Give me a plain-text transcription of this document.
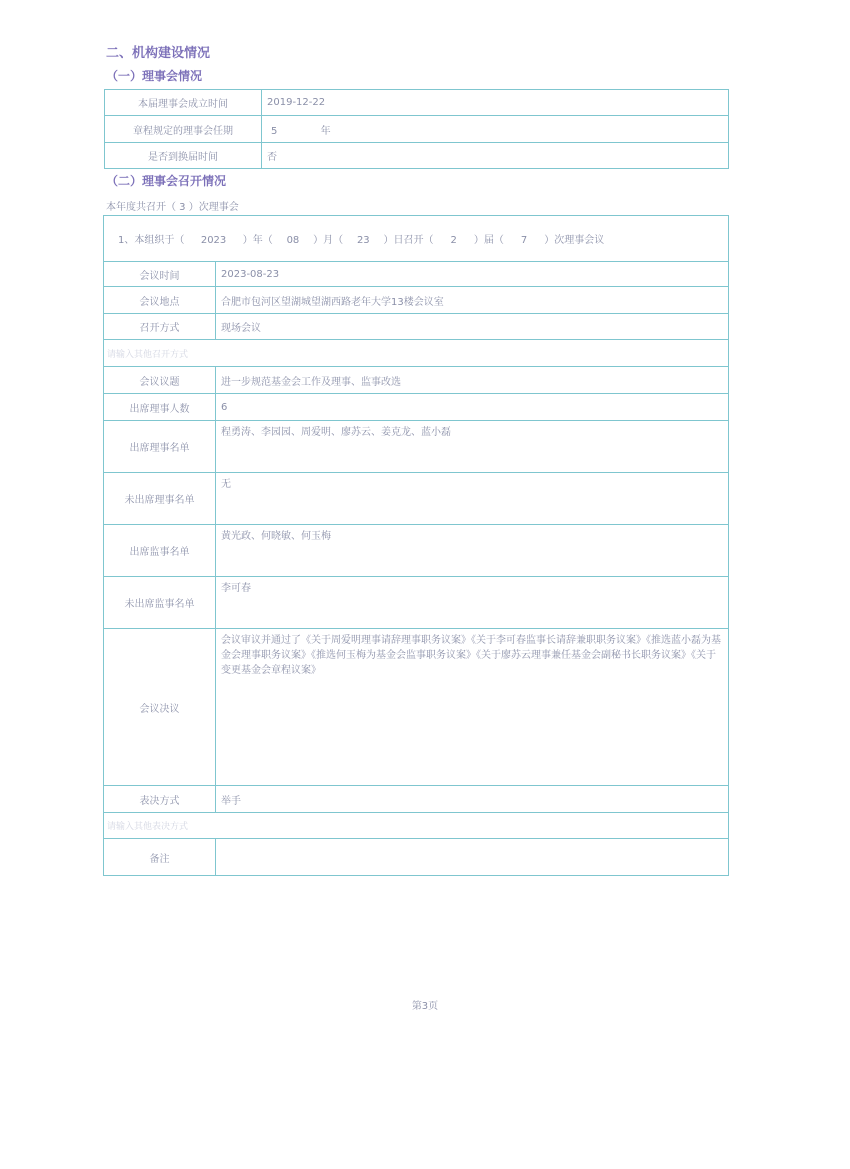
二、机构建设情况
（一）理事会情况
本届理事会成立时间	2019-12-22
章程规定的理事会任期	5 年
是否到换届时间	否
（二）理事会召开情况
本年度共召开（ 3 ）次理事会
1、本组织于（ 2023 ）年（ 08 ）月（ 23 ）日召开（ 2 ）届（ 7 ）次理事会议	
会议时间	2023-08-23
会议地点	合肥市包河区望湖城望湖西路老年大学13楼会议室
召开方式	现场会议
请输入其他召开方式	
会议议题	进一步规范基金会工作及理事、监事改选
出席理事人数	6
出席理事名单	程勇涛、李园园、周爱明、廖苏云、姜克龙、蓝小磊
未出席理事名单	无
出席监事名单	黄光政、何晓敏、何玉梅
未出席监事名单	李可春
会议决议	会议审议并通过了《关于周爱明理事请辞理事职务议案》《关于李可春监事长请辞兼职职务议案》《推选蓝小磊为基金会理事职务议案》《推选何玉梅为基金会监事职务议案》《关于廖苏云理事兼任基金会副秘书长职务议案》《关于变更基金会章程议案》
表决方式	举手
请输入其他表决方式	
备注	
第3页
